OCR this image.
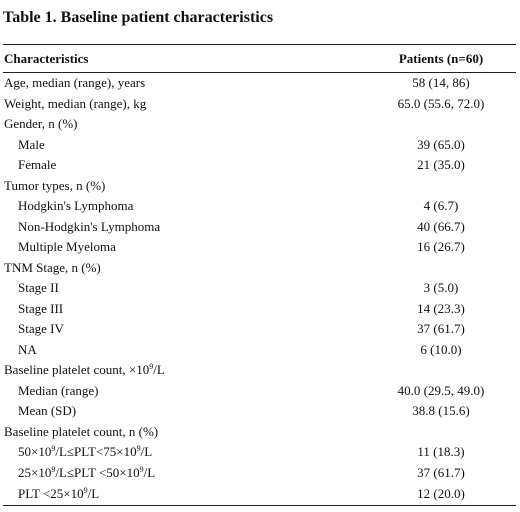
Table 1. Baseline patient characteristics
Characteristics	Patients (n=60)
Age, median (range), years	58 (14, 86)
Weight, median (range), kg	65.0 (55.6, 72.0)
Gender, n (%)	
Male	39 (65.0)
Female	21 (35.0)
Tumor types, n (%)	
Hodgkin's Lymphoma	4 (6.7)
Non-Hodgkin's Lymphoma	40 (66.7)
Multiple Myeloma	16 (26.7)
TNM Stage, n (%)	
Stage II	3 (5.0)
Stage III	14 (23.3)
Stage IV	37 (61.7)
NA	6 (10.0)
Baseline platelet count, $\times 10^9/L$	
Median (range)	40.0 (29.5, 49.0)
Mean (SD)	38.8 (15.6)
Baseline platelet count, n (%)	
$50\times 10^9/L\le PLT<75\times 10^9/L$	11 (18.3)
$25\times 10^9/L\le PLT <50\times 10^9/L$	37 (61.7)
PLT $<25\times 10^9/L$	12 (20.0)
